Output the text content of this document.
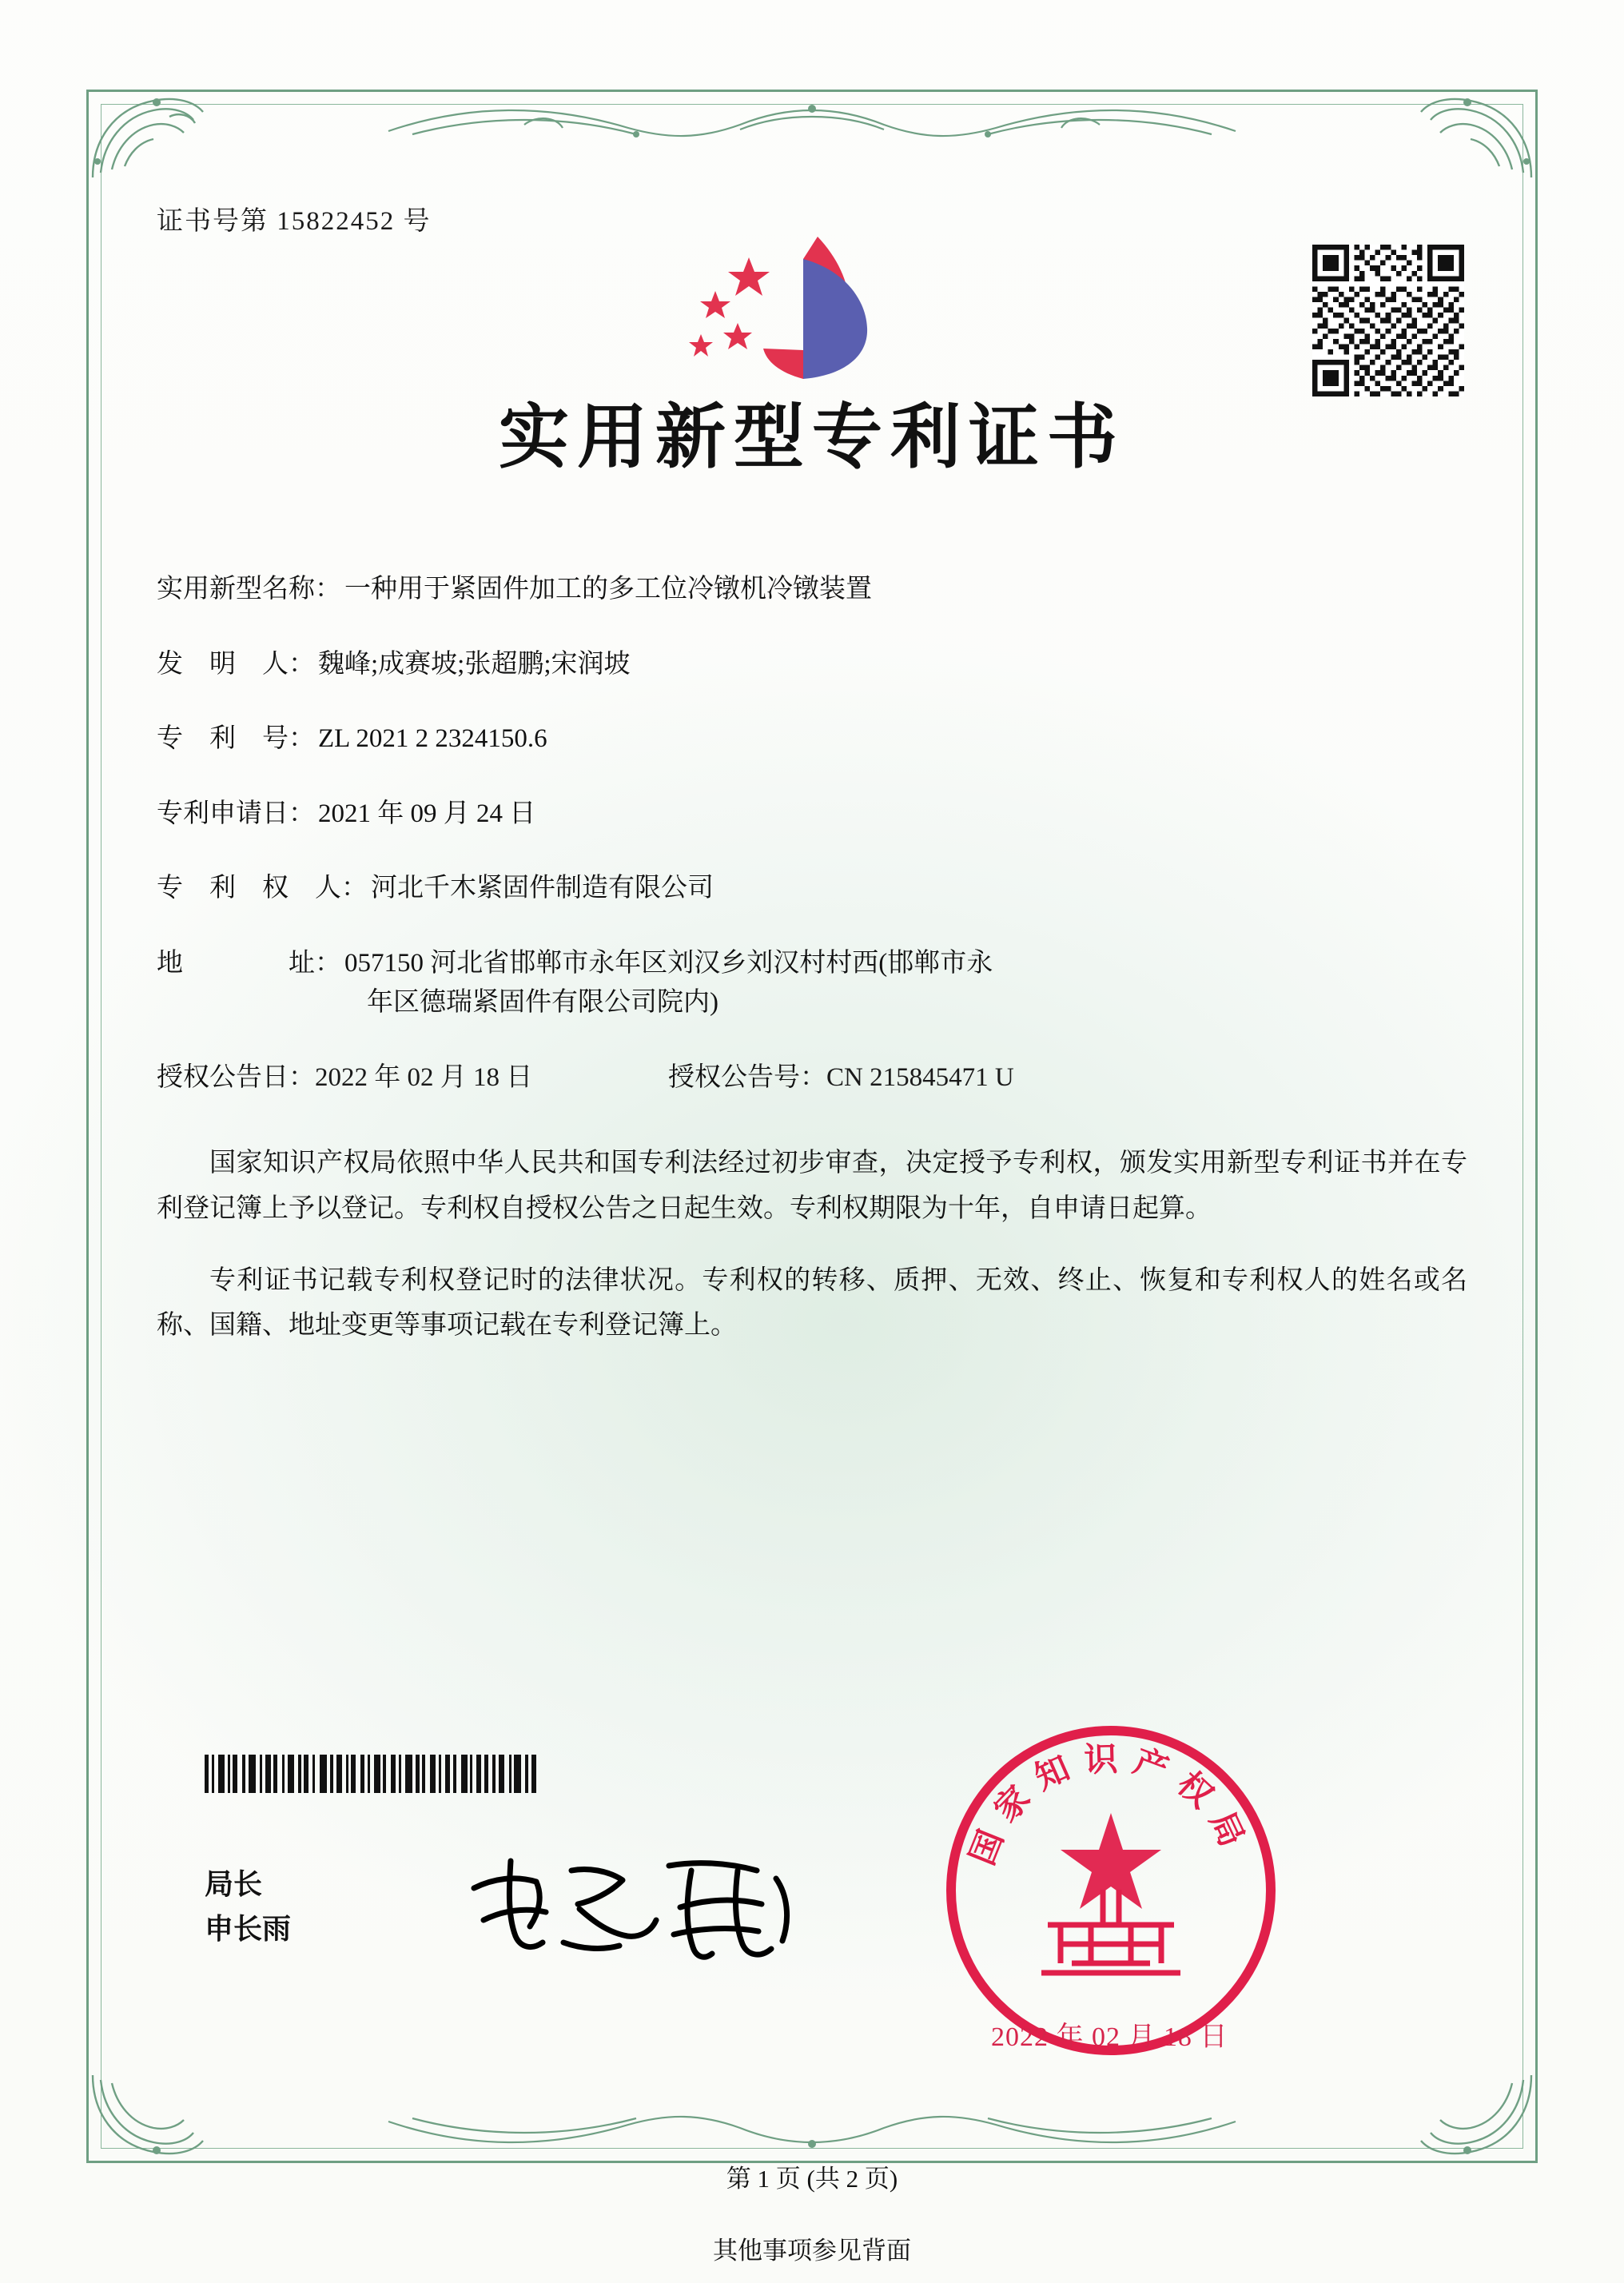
证书号第 15822452 号
实用新型专利证书
实用新型名称 ： 一种用于紧固件加工的多工位冷镦机冷镦装置
发　明　人 ： 魏峰;成赛坡;张超鹏;宋润坡
专　利　号 ： ZL 2021 2 2324150.6
专利申请日 ： 2021 年 09 月 24 日
专　利　权　人 ： 河北千木紧固件制造有限公司
地　　　　址 ： 057150 河北省邯郸市永年区刘汉乡刘汉村村西(邯郸市永
年区德瑞紧固件有限公司院内)
授权公告日 ： 2022 年 02 月 18 日	授权公告号 ： CN 215845471 U

国家知识产权局依照中华人民共和国专利法经过初步审查，决定授予专利权，颁发实用新型专利证书并在专利登记簿上予以登记。专利权自授权公告之日起生效。专利权期限为十年，自申请日起算。

专利证书记载专利权登记时的法律状况。专利权的转移、质押、无效、终止、恢复和专利权人的姓名或名称、国籍、地址变更等事项记载在专利登记簿上。

局长
申长雨
国家知识产权局
2022 年 02 月 18 日
第 1 页 (共 2 页)
其他事项参见背面
